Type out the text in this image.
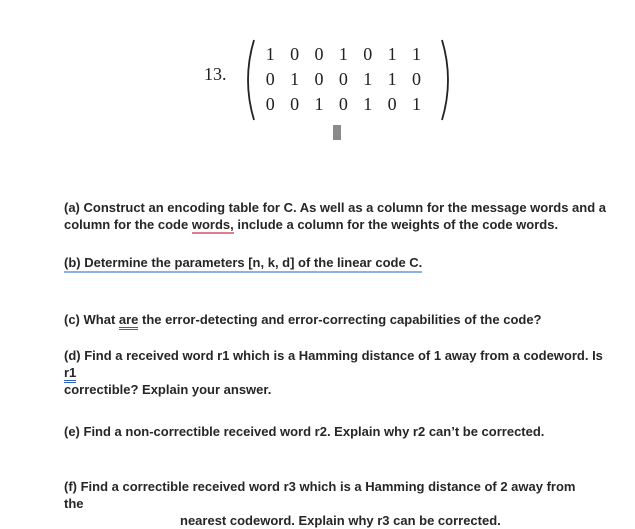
13.
1 0 0 1 0 1 1
0 1 0 0 1 1 0
0 0 1 0 1 0 1

(a) Construct an encoding table for C. As well as a column for the message words and a

column for the code words, include a column for the weights of the code words.

(b) Determine the parameters [n, k, d] of the linear code C.

(c) What are the error-detecting and error-correcting capabilities of the code?

(d) Find a received word r1 which is a Hamming distance of 1 away from a codeword. Is r1

correctible? Explain your answer.

(e) Find a non-correctible received word r2. Explain why r2 can’t be corrected.

(f) Find a correctible received word r3 which is a Hamming distance of 2 away from the

nearest codeword. Explain why r3 can be corrected.
